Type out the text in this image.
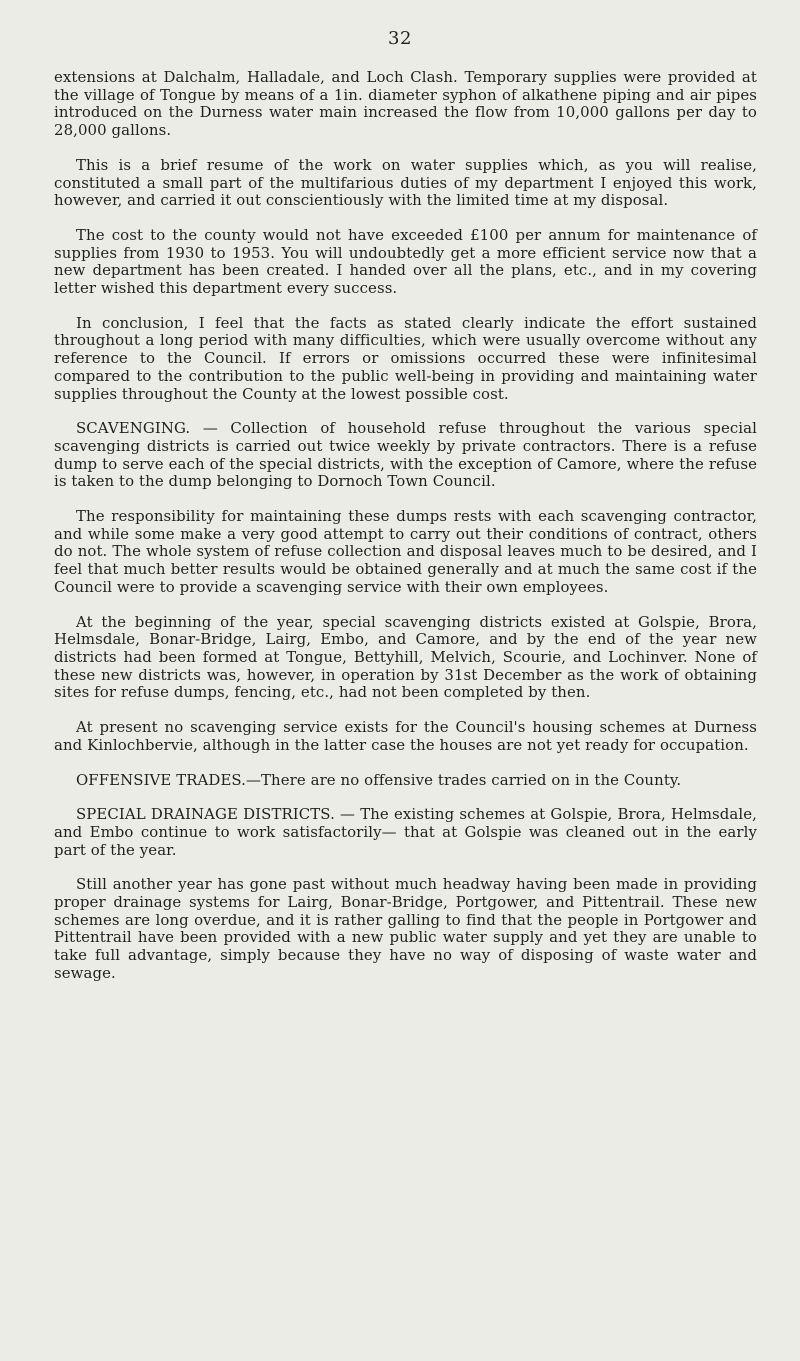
32

extensions at Dalchalm, Halladale, and Loch Clash. Temporary supplies were provided at the village of Tongue by means of a 1in. diameter syphon of alkathene piping and air pipes introduced on the Durness water main increased the flow from 10,000 gallons per day to 28,000 gallons.

This is a brief resume of the work on water supplies which, as you will realise, constituted a small part of the multifarious duties of my department I enjoyed this work, however, and carried it out conscientiously with the limited time at my disposal.

The cost to the county would not have exceeded £100 per annum for maintenance of supplies from 1930 to 1953. You will undoubtedly get a more efficient service now that a new department has been created. I handed over all the plans, etc., and in my covering letter wished this department every success.

In conclusion, I feel that the facts as stated clearly indicate the effort sustained throughout a long period with many difficulties, which were usually overcome without any reference to the Council. If errors or omissions occurred these were infinitesimal compared to the contribution to the public well-being in providing and maintaining water supplies throughout the County at the lowest possible cost.

SCAVENGING. — Collection of household refuse throughout the various special scavenging districts is carried out twice weekly by private contractors. There is a refuse dump to serve each of the special districts, with the exception of Camore, where the refuse is taken to the dump belonging to Dornoch Town Council.

The responsibility for maintaining these dumps rests with each scavenging contractor, and while some make a very good attempt to carry out their conditions of contract, others do not. The whole system of refuse collection and disposal leaves much to be desired, and I feel that much better results would be obtained generally and at much the same cost if the Council were to provide a scavenging service with their own employees.

At the beginning of the year, special scavenging districts existed at Golspie, Brora, Helmsdale, Bonar-Bridge, Lairg, Embo, and Camore, and by the end of the year new districts had been formed at Tongue, Bettyhill, Melvich, Scourie, and Lochinver. None of these new districts was, however, in operation by 31st December as the work of obtaining sites for refuse dumps, fencing, etc., had not been completed by then.

At present no scavenging service exists for the Council's housing schemes at Durness and Kinlochbervie, although in the latter case the houses are not yet ready for occupation.

OFFENSIVE TRADES.—There are no offensive trades carried on in the County.

SPECIAL DRAINAGE DISTRICTS. — The existing schemes at Golspie, Brora, Helmsdale, and Embo continue to work satisfactorily— that at Golspie was cleaned out in the early part of the year.

Still another year has gone past without much headway having been made in providing proper drainage systems for Lairg, Bonar-Bridge, Portgower, and Pittentrail. These new schemes are long overdue, and it is rather galling to find that the people in Portgower and Pittentrail have been provided with a new public water supply and yet they are unable to take full advantage, simply because they have no way of disposing of waste water and sewage.
